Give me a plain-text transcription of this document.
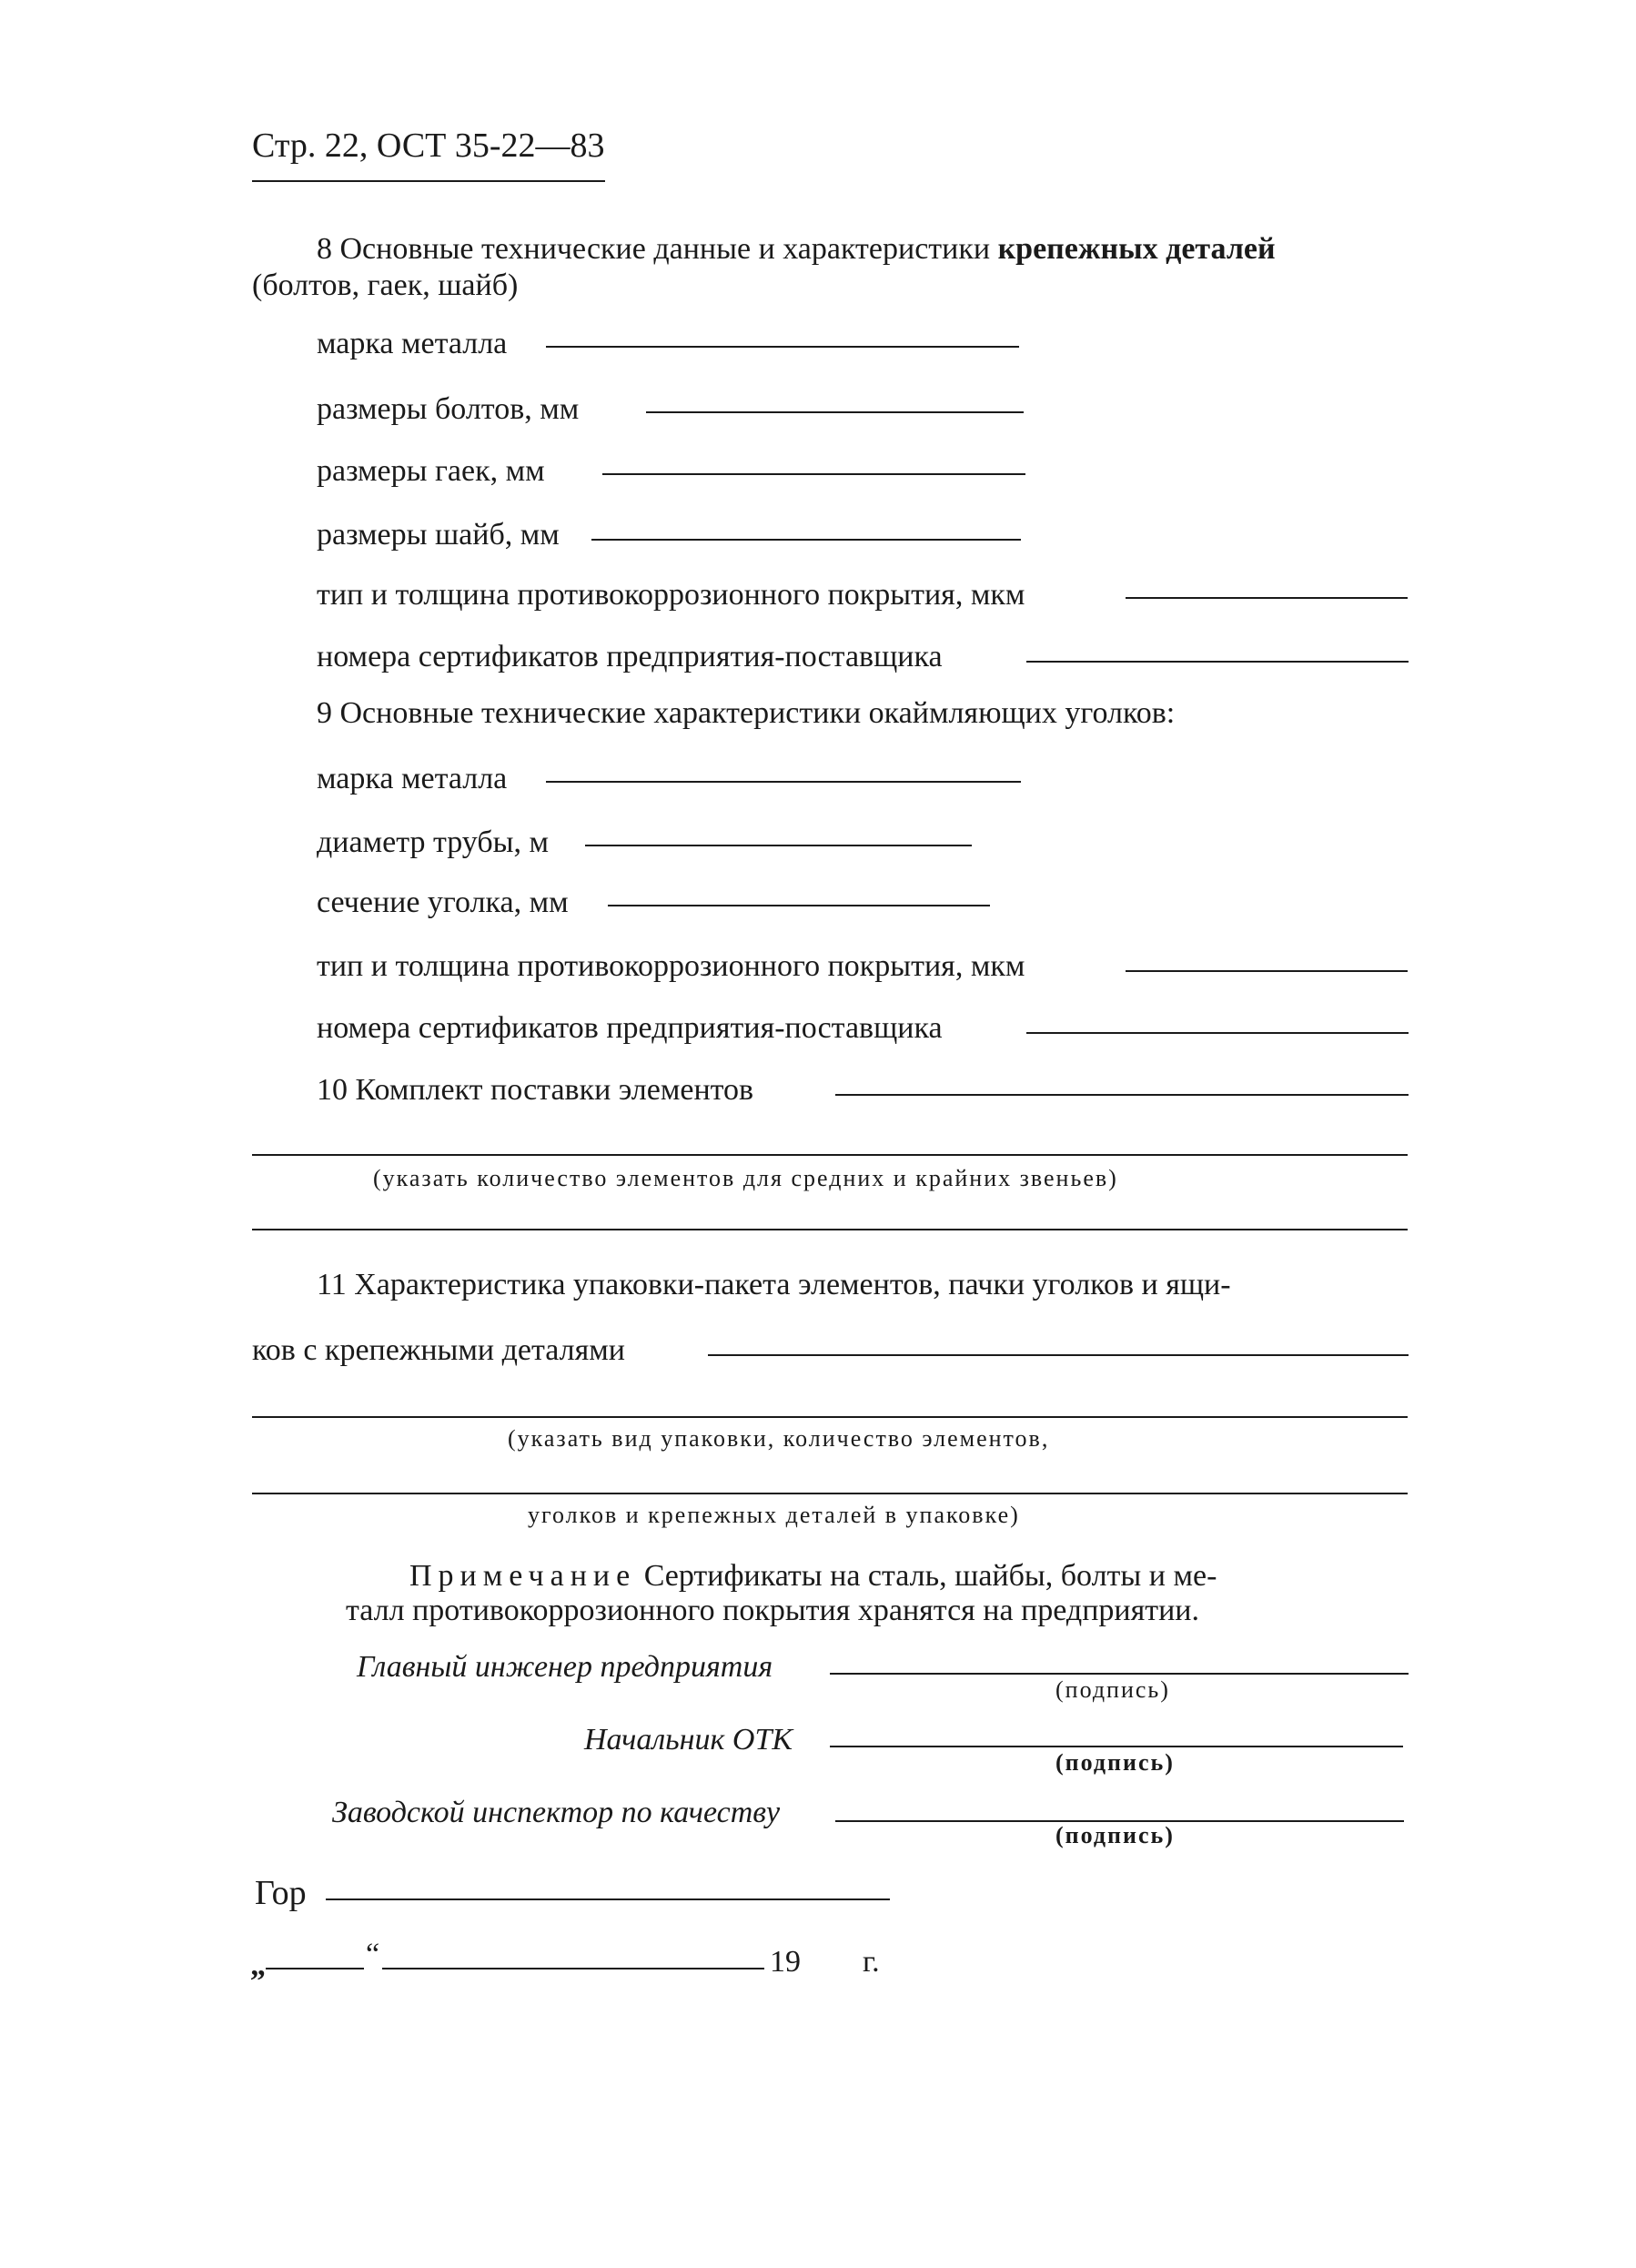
Стр. 22, ОСТ 35-22—83
8 Основные технические данные и характеристики крепежных деталей
(болтов, гаек, шайб)
марка металла
размеры болтов, мм
размеры гаек, мм
размеры шайб, мм
тип и толщина противокоррозионного покрытия, мкм
номера сертификатов предприятия-поставщика
9 Основные технические характеристики окаймляющих уголков:
марка металла
диаметр трубы, м
сечение уголка, мм
тип и толщина противокоррозионного покрытия, мкм
номера сертификатов предприятия-поставщика
10 Комплект поставки элементов
(указать количество элементов для средних и крайних звеньев)
11 Характеристика упаковки-пакета элементов, пачки уголков и ящи-
ков с крепежными деталями
(указать вид упаковки, количество элементов,
уголков и крепежных деталей в упаковке)
Примечание Сертификаты на сталь, шайбы, болты и ме-
талл противокоррозионного покрытия хранятся на предприятии.
Главный инженер предприятия
(подпись)
Начальник ОТК
(подпись)
Заводской инспектор по качеству
(подпись)
Гор
„	“	19 г.
